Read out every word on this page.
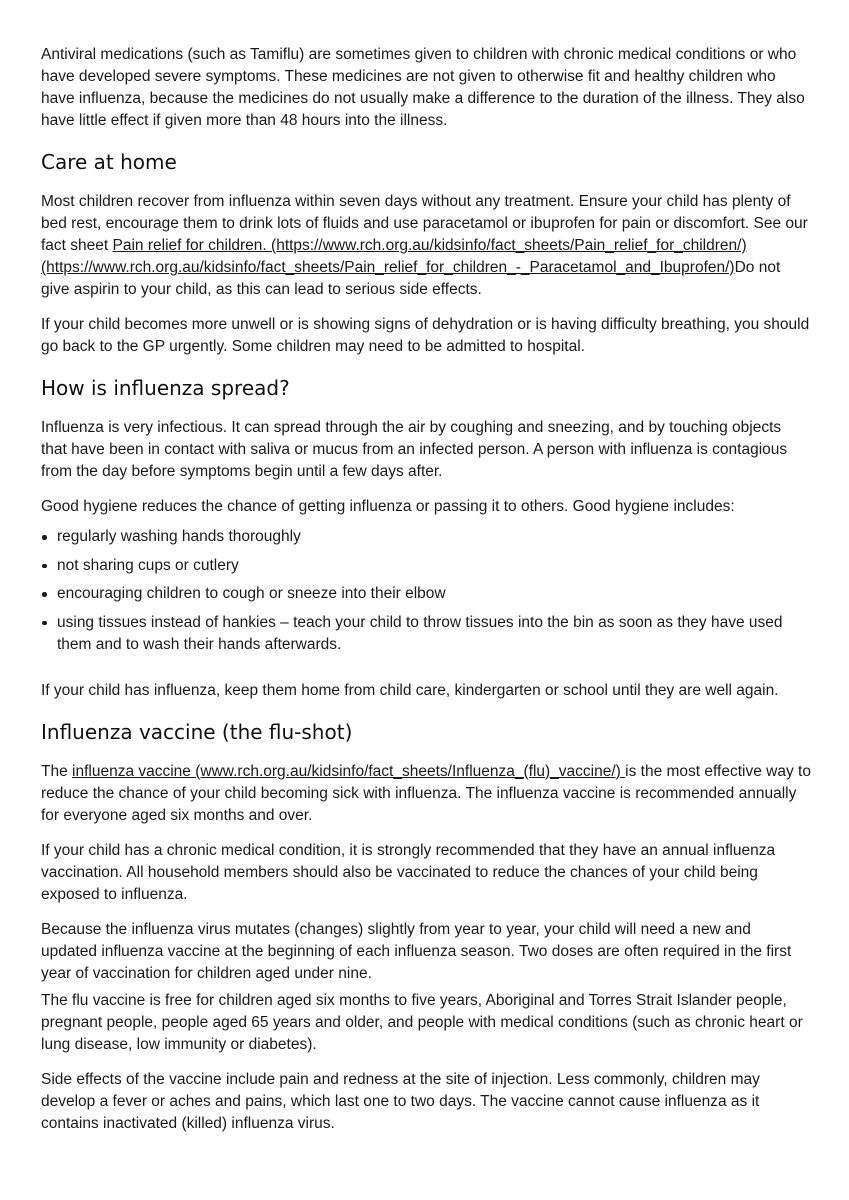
Antiviral medications (such as Tamiflu) are sometimes given to children with chronic medical conditions or who have developed severe symptoms. These medicines are not given to otherwise fit and healthy children who have influenza, because the medicines do not usually make a difference to the duration of the illness. They also have little effect if given more than 48 hours into the illness.

Care at home

Most children recover from influenza within seven days without any treatment. Ensure your child has plenty of bed rest, encourage them to drink lots of fluids and use paracetamol or ibuprofen for pain or discomfort. See our fact sheet Pain relief for children. (https://www.rch.org.au/kidsinfo/fact_sheets/Pain_relief_for_children/)
(https://www.rch.org.au/kidsinfo/fact_sheets/Pain_relief_for_children_-_Paracetamol_and_Ibuprofen/)Do not give aspirin to your child, as this can lead to serious side effects.

If your child becomes more unwell or is showing signs of dehydration or is having difficulty breathing, you should go back to the GP urgently. Some children may need to be admitted to hospital.

How is influenza spread?

Influenza is very infectious. It can spread through the air by coughing and sneezing, and by touching objects that have been in contact with saliva or mucus from an infected person. A person with influenza is contagious from the day before symptoms begin until a few days after.

Good hygiene reduces the chance of getting influenza or passing it to others. Good hygiene includes:

regularly washing hands thoroughly
not sharing cups or cutlery
encouraging children to cough or sneeze into their elbow
using tissues instead of hankies – teach your child to throw tissues into the bin as soon as they have used them and to wash their hands afterwards.

If your child has influenza, keep them home from child care, kindergarten or school until they are well again.

Influenza vaccine (the flu-shot)

The influenza vaccine (www.rch.org.au/kidsinfo/fact_sheets/Influenza_(flu)_vaccine/) is the most effective way to reduce the chance of your child becoming sick with influenza. The influenza vaccine is recommended annually for everyone aged six months and over.

If your child has a chronic medical condition, it is strongly recommended that they have an annual influenza vaccination. All household members should also be vaccinated to reduce the chances of your child being exposed to influenza.

Because the influenza virus mutates (changes) slightly from year to year, your child will need a new and updated influenza vaccine at the beginning of each influenza season. Two doses are often required in the first year of vaccination for children aged under nine.

The flu vaccine is free for children aged six months to five years, Aboriginal and Torres Strait Islander people, pregnant people, people aged 65 years and older, and people with medical conditions (such as chronic heart or lung disease, low immunity or diabetes).

Side effects of the vaccine include pain and redness at the site of injection. Less commonly, children may develop a fever or aches and pains, which last one to two days. The vaccine cannot cause influenza as it contains inactivated (killed) influenza virus.
